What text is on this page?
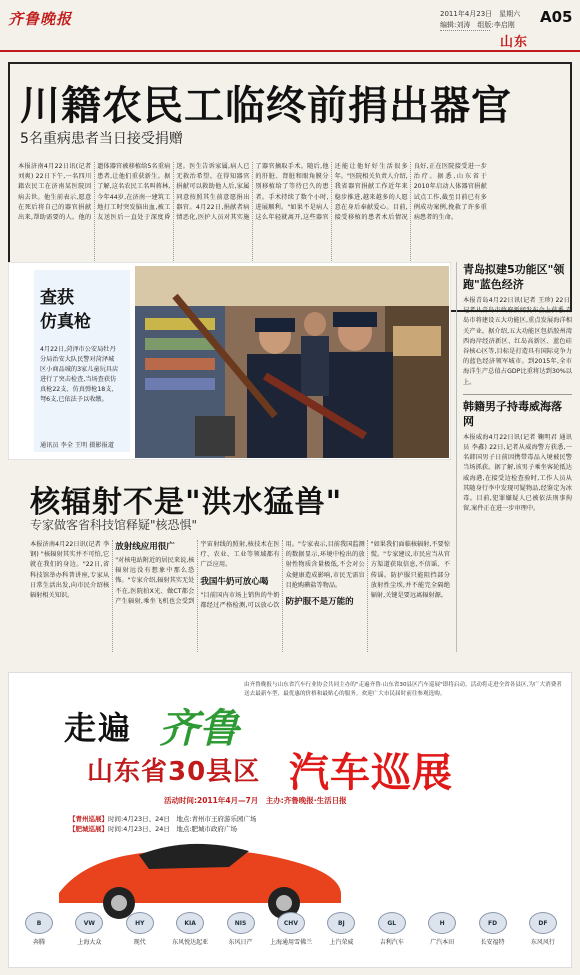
齐鲁晚报	2011年4月23日　星期六
编辑:刘涛　组版:李启刚	A05
山东
川籍农民工临终前捐出器官
5名重病患者当日接受捐赠
本报济南4月22日讯(记者 刘爽) 22日下午,一名四川籍农民工在济南某医院因病去世。他生前表示,愿意在死后将自己的器官捐献出来,帮助需要的人。他的遗体器官被移植给5名重病患者,让他们重获新生。据了解,这名农民工名叫蒋林,今年44岁,在济南一建筑工地打工时突发脑出血,被工友送医后一直处于深度昏迷。医生告诉家属,病人已无救治希望。在得知器官捐献可以救助他人后,家属同意按照其生前意愿捐出器官。4月22日,捐献者病情恶化,医护人员对其实施了器官摘取手术。随后,他的肝脏、肾脏和眼角膜分别移植给了等待已久的患者。手术持续了数个小时,进展顺利。"如果不是病人这么年轻就离开,这些器官还能让他好好生活很多年。"医院相关负责人介绍,我省器官捐献工作近年来稳步推进,越来越多的人愿意在身后奉献爱心。目前,接受移植的患者术后情况良好,正在医院接受进一步治疗。据悉,山东省于2010年启动人体器官捐献试点工作,截至目前已有多例成功案例,挽救了许多重病患者的生命。
查获
仿真枪
4月22日,菏泽市公安局牡丹分局治安大队民警对菏泽城区小商品城的3家儿童玩具店进行了突击检查,当场查获仿真枪22支、仿真弹枪18支、弩6支,已依法予以收缴。
通讯员 李全 王明 摄影报道
青岛拟建5功能区"领跑"蓝色经济
本报青岛4月22日讯(记者 王珍) 22日,记者从青岛市政府新闻发布会上获悉,青岛市将建设五大功能区,重点发展海洋相关产业。据介绍,五大功能区包括胶州湾西海岸经济新区、红岛高新区、蓝色硅谷核心区等,目标是打造具有国际竞争力的蓝色经济领军城市。到2015年,全市海洋生产总值占GDP比重将达到30%以上。
韩籍男子持毒威海落网
本报威海4月22日讯(记者 鞠明君 通讯员 李鑫) 22日,记者从威海警方获悉,一名韩国男子日前因携带毒品入境被民警当场抓获。据了解,该男子乘坐客轮抵达威海港,在接受边检查验时,工作人员从其随身行李中发现可疑物品,经鉴定为冰毒。目前,犯罪嫌疑人已被依法刑事拘留,案件正在进一步审理中。
核辐射不是"洪水猛兽"
专家做客省科技馆释疑"核恐惧"

本报济南4月22日讯(记者 李钢) "核辐射其实并不可怕,它就在我们的身边。"22日,省科技馆举办科普讲座,专家从日常生活出发,向市民介绍核辐射相关知识。

放射线应用很广

"对核电站附近的居民来说,核辐射远没有想象中那么恐怖。"专家介绍,辐射其实无处不在,医院拍X光、做CT都会产生辐射,乘坐飞机也会受到宇宙射线的照射,核技术在医疗、农业、工业等领域都有广泛应用。

我国牛奶可放心喝

"目前国内市场上销售的牛奶都经过严格检测,可以放心饮用。"专家表示,目前我国监测的数据显示,环境中检出的放射性物质含量极低,不会对公众健康造成影响,市民无需盲目抢购碘盐等物品。

防护服不是万能的

"如果我们面临核辐射,不要惊慌。"专家建议,市民应当从官方渠道获取信息,不信谣、不传谣。防护服只能阻挡部分放射性尘埃,并不能完全隔绝辐射,关键是要远离辐射源。

由齐鲁晚报与山东省汽车行业协会共同主办的"走遍齐鲁·山东省30县区汽车巡展"即将启动。活动将走进全省各县区,为广大消费者送去最新车型、最优惠的价格和最贴心的服务。欢迎广大市民届时前往参观选购。
走遍 齐鲁
山东省30县区 汽车巡展
活动时间:2011年4月—7月　主办:齐鲁晚报·生活日报
【青州巡展】时间:4月23日、24日　地点:青州市王府游乐园广场
【肥城巡展】时间:4月23日、24日　地点:肥城市政府广场
B
奔腾
VW
上海大众
HY
现代
KIA
东风悦达起亚
NIS
东风日产
CHV
上海通用雪佛兰
BJ
上汽荣威
GL
吉利汽车
H
广汽本田
FD
长安福特
DF
东风风行
